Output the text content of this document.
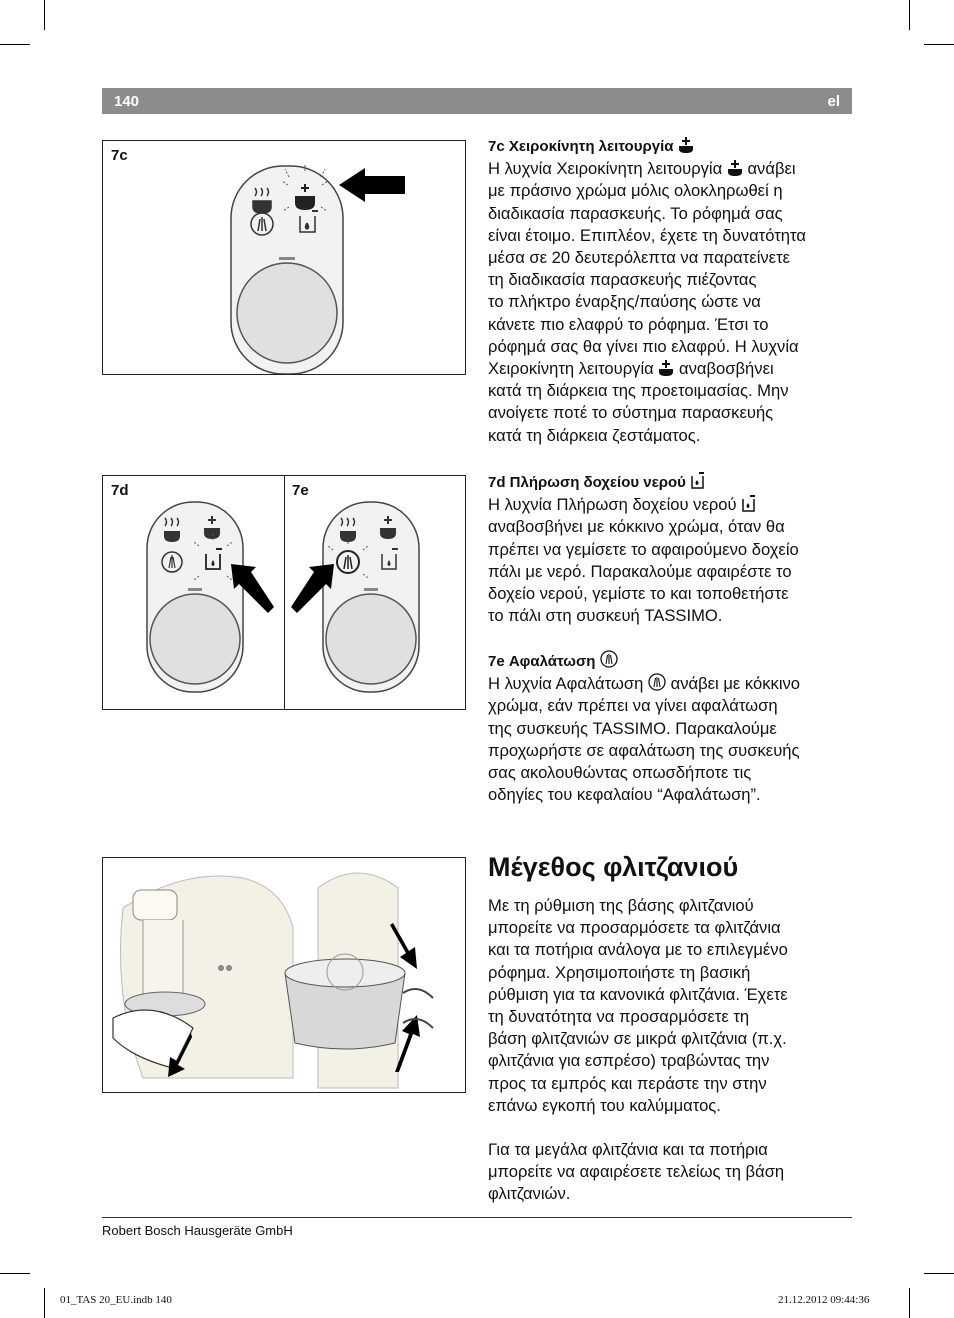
140	el
7c
7d	7e

7c Χειροκίνητη λειτουργία

Η λυχνία Χειροκίνητη λειτουργία ανάβει

με πράσινο χρώμα μόλις ολοκληρωθεί η

διαδικασία παρασκευής. Το ρόφημά σας

είναι έτοιμο. Επιπλέον, έχετε τη δυνατότητα

μέσα σε 20 δευτερόλεπτα να παρατείνετε

τη διαδικασία παρασκευής πιέζοντας

το πλήκτρο έναρξης/παύσης ώστε να

κάνετε πιο ελαφρύ το ρόφημα. Έτσι το

ρόφημά σας θα γίνει πιο ελαφρύ. Η λυχνία

Χειροκίνητη λειτουργία αναβοσβήνει

κατά τη διάρκεια της προετοιμασίας. Μην

ανοίγετε ποτέ το σύστημα παρασκευής

κατά τη διάρκεια ζεστάματος.

7d Πλήρωση δοχείου νερού

Η λυχνία Πλήρωση δοχείου νερού

αναβοσβήνει με κόκκινο χρώμα, όταν θα

πρέπει να γεμίσετε το αφαιρούμενο δοχείο

πάλι με νερό. Παρακαλούμε αφαιρέστε το

δοχείο νερού, γεμίστε το και τοποθετήστε

το πάλι στη συσκευή TASSIMO.

7e Αφαλάτωση

Η λυχνία Αφαλάτωση ανάβει με κόκκινο

χρώμα, εάν πρέπει να γίνει αφαλάτωση

της συσκευής TASSIMO. Παρακαλούμε

προχωρήστε σε αφαλάτωση της συσκευής

σας ακολουθώντας οπωσδήποτε τις

οδηγίες του κεφαλαίου “Αφαλάτωση”.

Μέγεθος φλιτζανιού

Με τη ρύθμιση της βάσης φλιτζανιού

μπορείτε να προσαρμόσετε τα φλιτζάνια

και τα ποτήρια ανάλογα με το επιλεγμένο

ρόφημα. Χρησιμοποιήστε τη βασική

ρύθμιση για τα κανονικά φλιτζάνια. Έχετε

τη δυνατότητα να προσαρμόσετε τη

βάση φλιτζανιών σε μικρά φλιτζάνια (π.χ.

φλιτζάνια για εσπρέσο) τραβώντας την

προς τα εμπρός και περάστε την στην

επάνω εγκοπή του καλύμματος.

Για τα μεγάλα φλιτζάνια και τα ποτήρια

μπορείτε να αφαιρέσετε τελείως τη βάση

φλιτζανιών.

Robert Bosch Hausgeräte GmbH
01_TAS 20_EU.indb 140	21.12.2012 09:44:36
